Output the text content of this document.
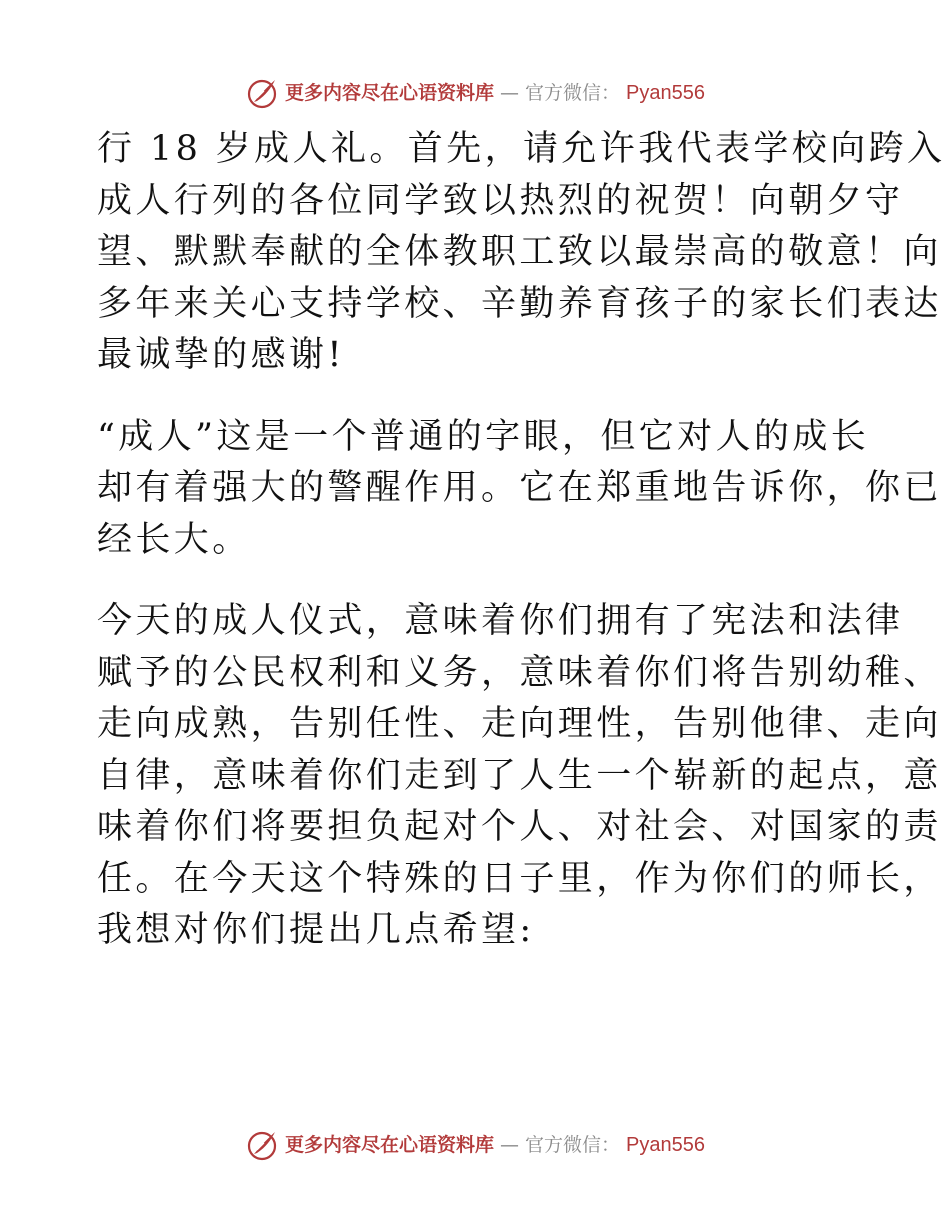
更多内容尽在心语资料库 — 官方微信： Pyan556
行 18 岁成人礼。首先，请允许我代表学校向跨入
成人行列的各位同学致以热烈的祝贺！向朝夕守
望、默默奉献的全体教职工致以最崇高的敬意！向
多年来关心支持学校、辛勤养育孩子的家长们表达
最诚挚的感谢!
“成人”这是一个普通的字眼，但它对人的成长
却有着强大的警醒作用。它在郑重地告诉你，你已
经长大。
今天的成人仪式，意味着你们拥有了宪法和法律
赋予的公民权利和义务，意味着你们将告别幼稚、
走向成熟，告别任性、走向理性，告别他律、走向
自律，意味着你们走到了人生一个崭新的起点，意
味着你们将要担负起对个人、对社会、对国家的责
任。在今天这个特殊的日子里，作为你们的师长，
我想对你们提出几点希望:
更多内容尽在心语资料库 — 官方微信： Pyan556
